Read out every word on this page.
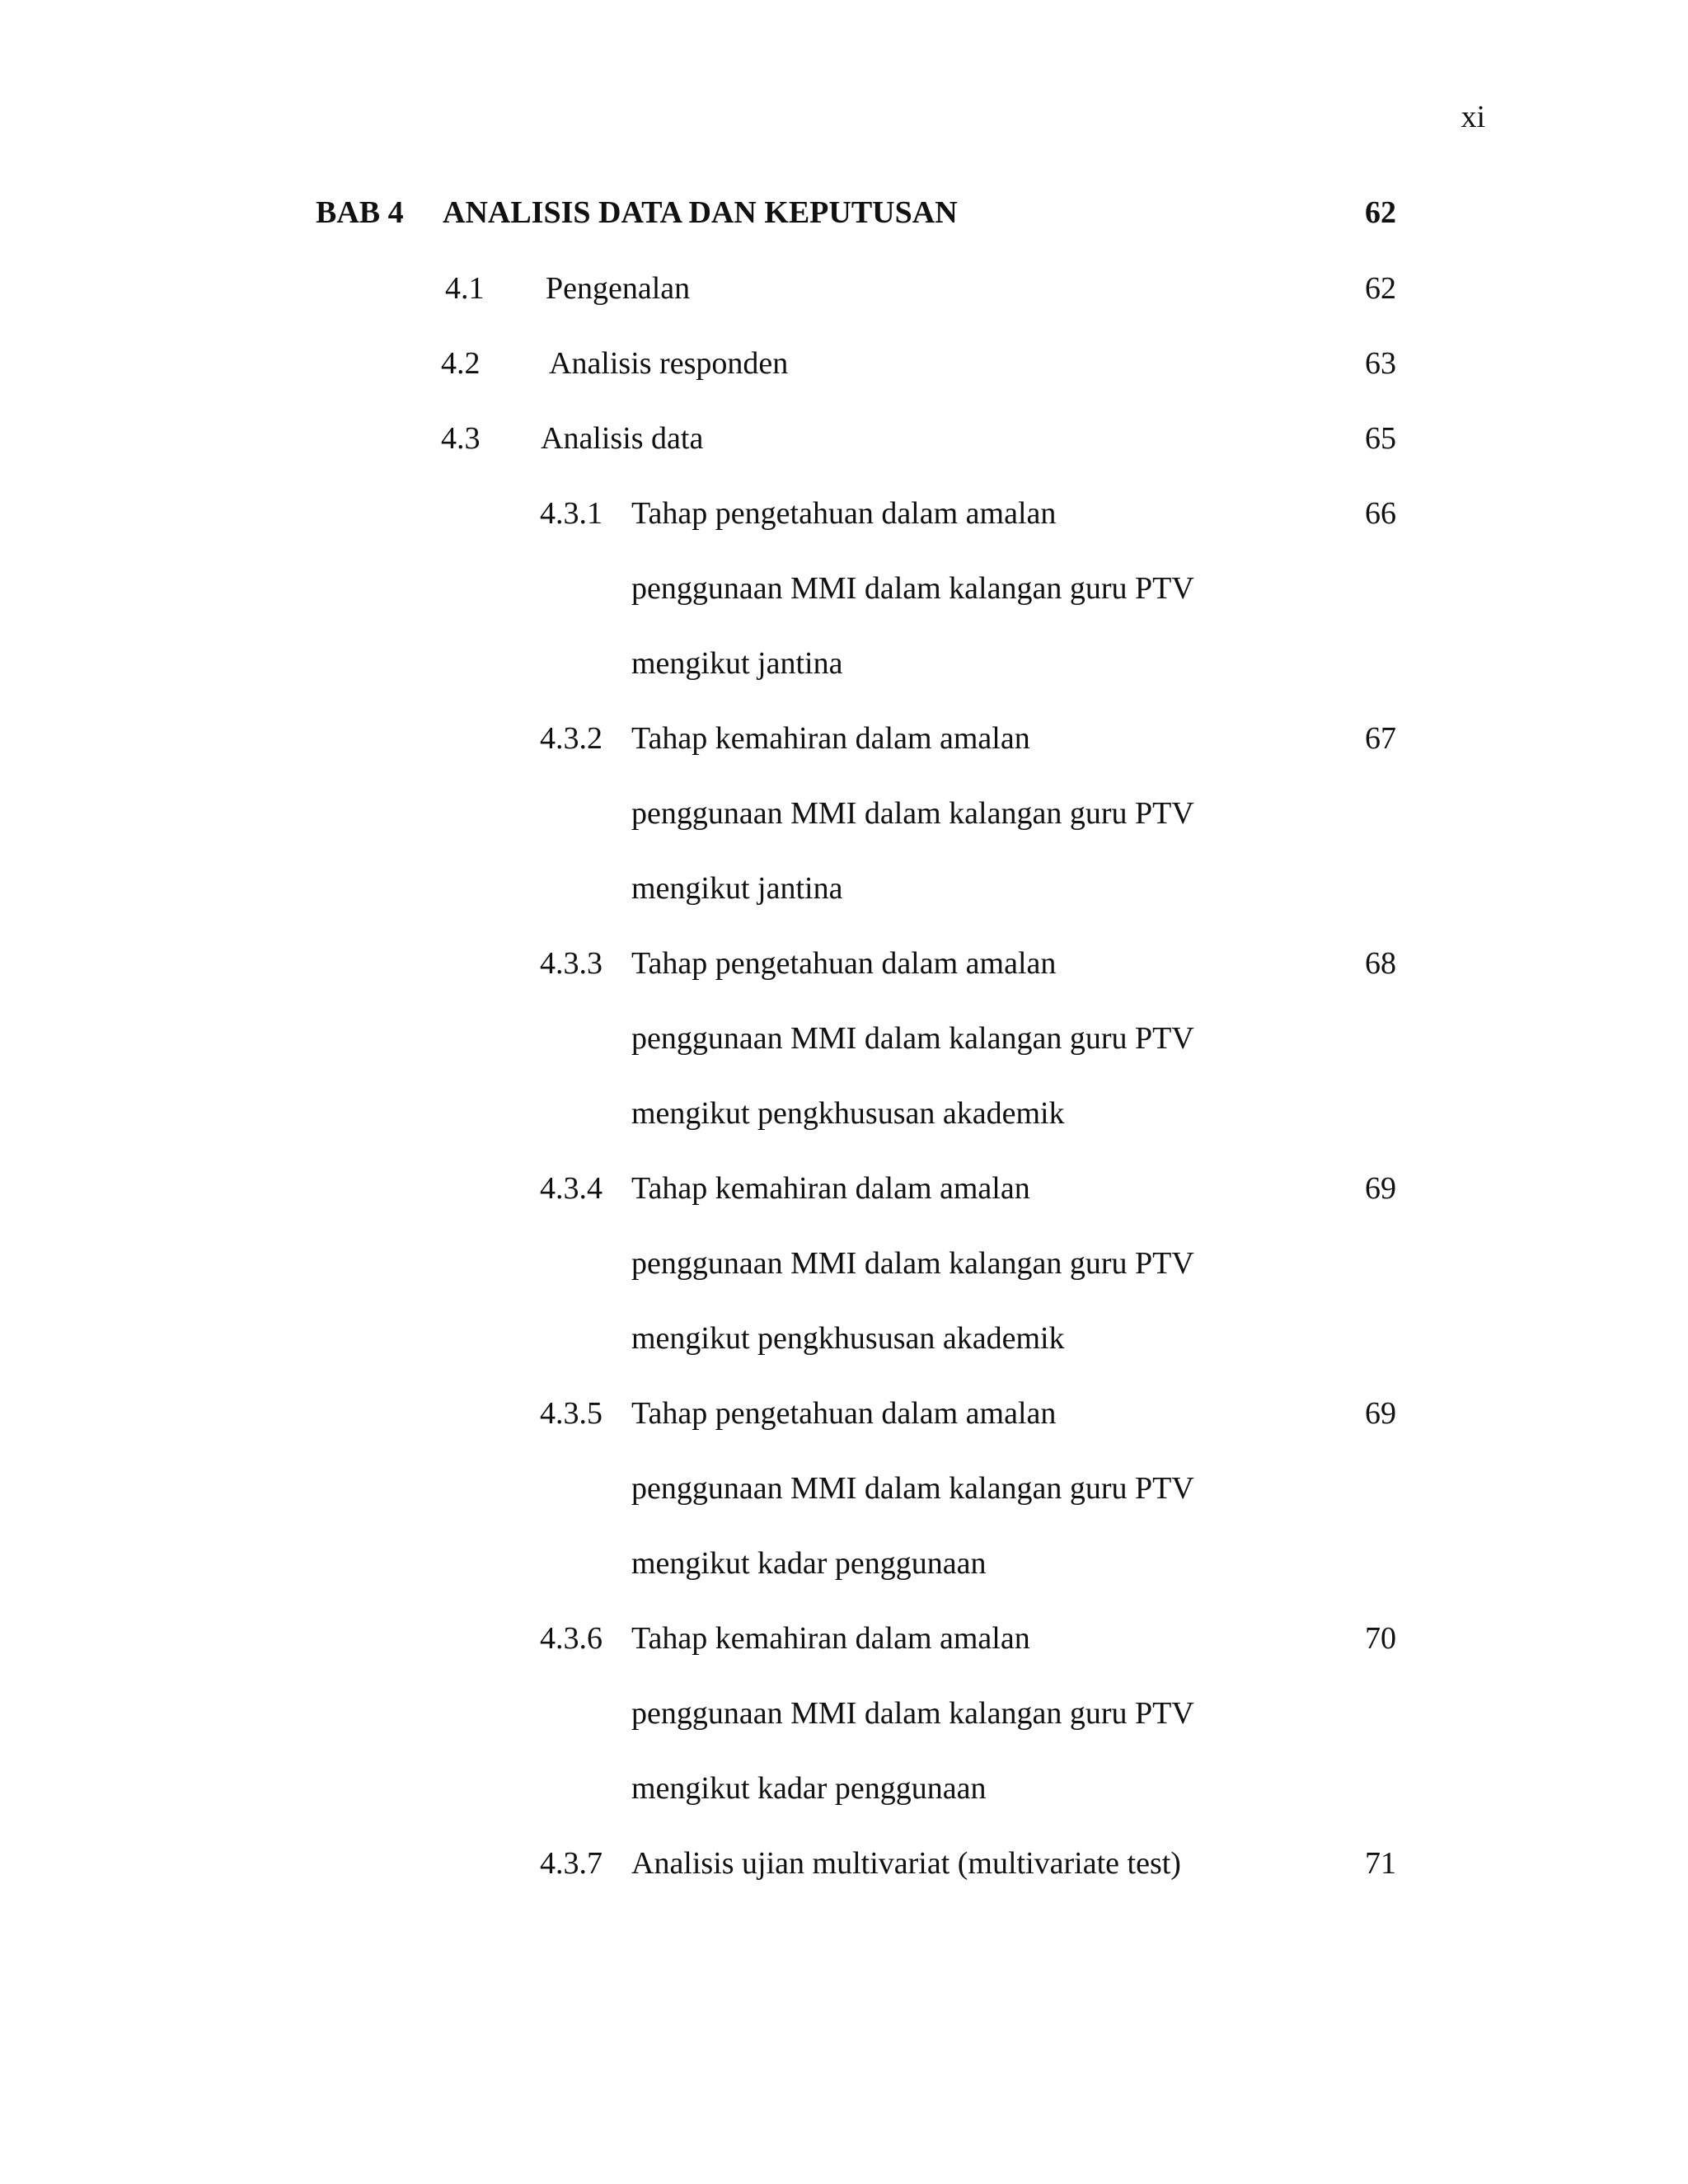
xi
BAB 4 ANALISIS DATA DAN KEPUTUSAN	62
4.1 Pengenalan	62
4.2 Analisis responden	63
4.3 Analisis data	65
4.3.1 Tahap pengetahuan dalam amalan	66
penggunaan MMI dalam kalangan guru PTV
mengikut jantina
4.3.2 Tahap kemahiran dalam amalan	67
penggunaan MMI dalam kalangan guru PTV
mengikut jantina
4.3.3 Tahap pengetahuan dalam amalan	68
penggunaan MMI dalam kalangan guru PTV
mengikut pengkhususan akademik
4.3.4 Tahap kemahiran dalam amalan	69
penggunaan MMI dalam kalangan guru PTV
mengikut pengkhususan akademik
4.3.5 Tahap pengetahuan dalam amalan	69
penggunaan MMI dalam kalangan guru PTV
mengikut kadar penggunaan
4.3.6 Tahap kemahiran dalam amalan	70
penggunaan MMI dalam kalangan guru PTV
mengikut kadar penggunaan
4.3.7 Analisis ujian multivariat (multivariate test)	71
